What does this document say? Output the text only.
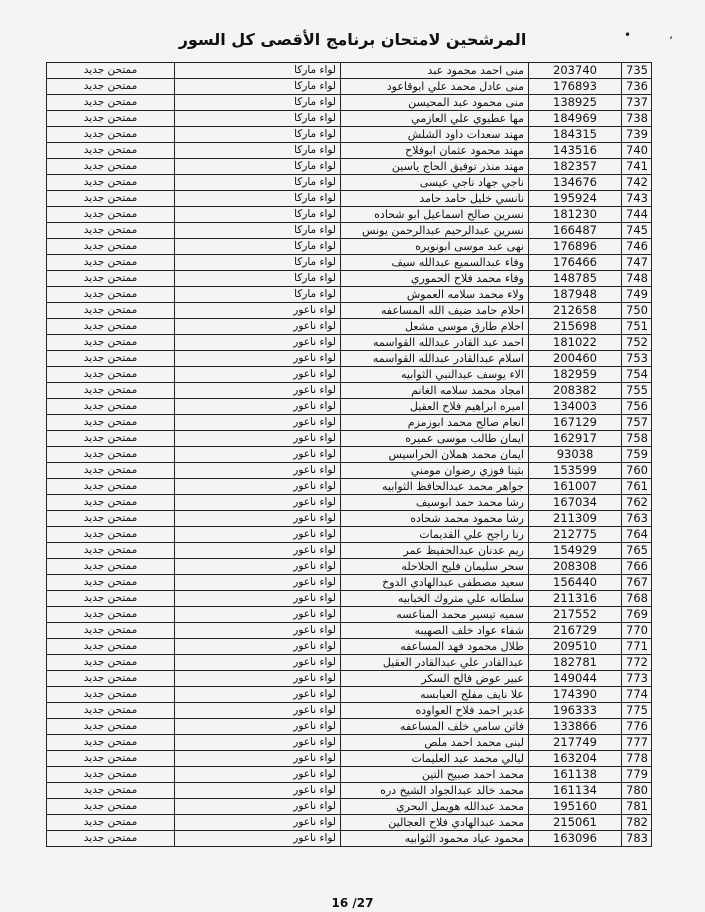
•	،
المرشحين لامتحان برنامج الأقصى كل السور
ممتحن جديد	لواء ماركا	منى احمد محمود عبد	203740	735
ممتحن جديد	لواء ماركا	منى عادل محمد علي ابوقاعود	176893	736
ممتحن جديد	لواء ماركا	منى محمود عبد المحيسن	138925	737
ممتحن جديد	لواء ماركا	مها عطيوي علي العازمي	184969	738
ممتحن جديد	لواء ماركا	مهند سعدات داود الشلش	184315	739
ممتحن جديد	لواء ماركا	مهند محمود عثمان ابوفلاح	143516	740
ممتحن جديد	لواء ماركا	مهند منذر توفيق الحاج ياسين	182357	741
ممتحن جديد	لواء ماركا	ناجي جهاد ناجي عيسى	134676	742
ممتحن جديد	لواء ماركا	نانسي خليل حامد حامد	195924	743
ممتحن جديد	لواء ماركا	نسرين صالح اسماعيل ابو شحاده	181230	744
ممتحن جديد	لواء ماركا	نسرين عبدالرحيم عبدالرحمن يونس	166487	745
ممتحن جديد	لواء ماركا	نهى عبد موسى ابونويره	176896	746
ممتحن جديد	لواء ماركا	وفاء عبدالسميع عبدالله سيف	176466	747
ممتحن جديد	لواء ماركا	وفاء محمد فلاح الحموري	148785	748
ممتحن جديد	لواء ماركا	ولاء محمد سلامه العموش	187948	749
ممتحن جديد	لواء ناعور	احلام حامد ضيف الله المساعفه	212658	750
ممتحن جديد	لواء ناعور	احلام طارق موسى مشعل	215698	751
ممتحن جديد	لواء ناعور	احمد عبد القادر عبدالله القواسمه	181022	752
ممتحن جديد	لواء ناعور	اسلام عبدالقادر عبدالله القواسمه	200460	753
ممتحن جديد	لواء ناعور	الاء يوسف عبدالنبي الثوابيه	182959	754
ممتحن جديد	لواء ناعور	امجاد محمد سلامه الغانم	208382	755
ممتحن جديد	لواء ناعور	اميره ابراهيم فلاح العقيل	134003	756
ممتحن جديد	لواء ناعور	انعام صالح محمد ابوزمزم	167129	757
ممتحن جديد	لواء ناعور	ايمان طالب موسى عميره	162917	758
ممتحن جديد	لواء ناعور	ايمان محمد هملان الحراسيس	93038	759
ممتحن جديد	لواء ناعور	بثينا فوزي رضوان مومني	153599	760
ممتحن جديد	لواء ناعور	جواهر محمد عبدالحافظ الثوابيه	161007	761
ممتحن جديد	لواء ناعور	رشا محمد حمد ابوسيف	167034	762
ممتحن جديد	لواء ناعور	رشا محمود محمد شحاده	211309	763
ممتحن جديد	لواء ناعور	رنا راجح علي القديمات	212775	764
ممتحن جديد	لواء ناعور	ريم عدنان عبدالحفيظ عمر	154929	765
ممتحن جديد	لواء ناعور	سحر سليمان فليح الحلاحله	208308	766
ممتحن جديد	لواء ناعور	سعيد مصطفى عبدالهادي الدوخ	156440	767
ممتحن جديد	لواء ناعور	سلطانه علي متروك الخبابيه	211316	768
ممتحن جديد	لواء ناعور	سميه تيسير محمد المناعسه	217552	769
ممتحن جديد	لواء ناعور	شفاء عواد خلف الصهيبه	216729	770
ممتحن جديد	لواء ناعور	طلال محمود فهد المساعفه	209510	771
ممتحن جديد	لواء ناعور	عبدالقادر علي عبدالقادر العقيل	182781	772
ممتحن جديد	لواء ناعور	عبير عوض فالح السكر	149044	773
ممتحن جديد	لواء ناعور	علا نايف مفلح العبابسه	174390	774
ممتحن جديد	لواء ناعور	غدير احمد فلاح العواوده	196333	775
ممتحن جديد	لواء ناعور	فاتن سامي خلف المساعفه	133866	776
ممتحن جديد	لواء ناعور	لبنى محمد احمد ملص	217749	777
ممتحن جديد	لواء ناعور	ليالي محمد عيد العليمات	163204	778
ممتحن جديد	لواء ناعور	محمد احمد صبيح التين	161138	779
ممتحن جديد	لواء ناعور	محمد خالد عبدالجواد الشيخ دره	161134	780
ممتحن جديد	لواء ناعور	محمد عبدالله هويمل البحري	195160	781
ممتحن جديد	لواء ناعور	محمد عبدالهادي فلاح العجالين	215061	782
ممتحن جديد	لواء ناعور	محمود عياد محمود الثوابيه	163096	783
16 /27
